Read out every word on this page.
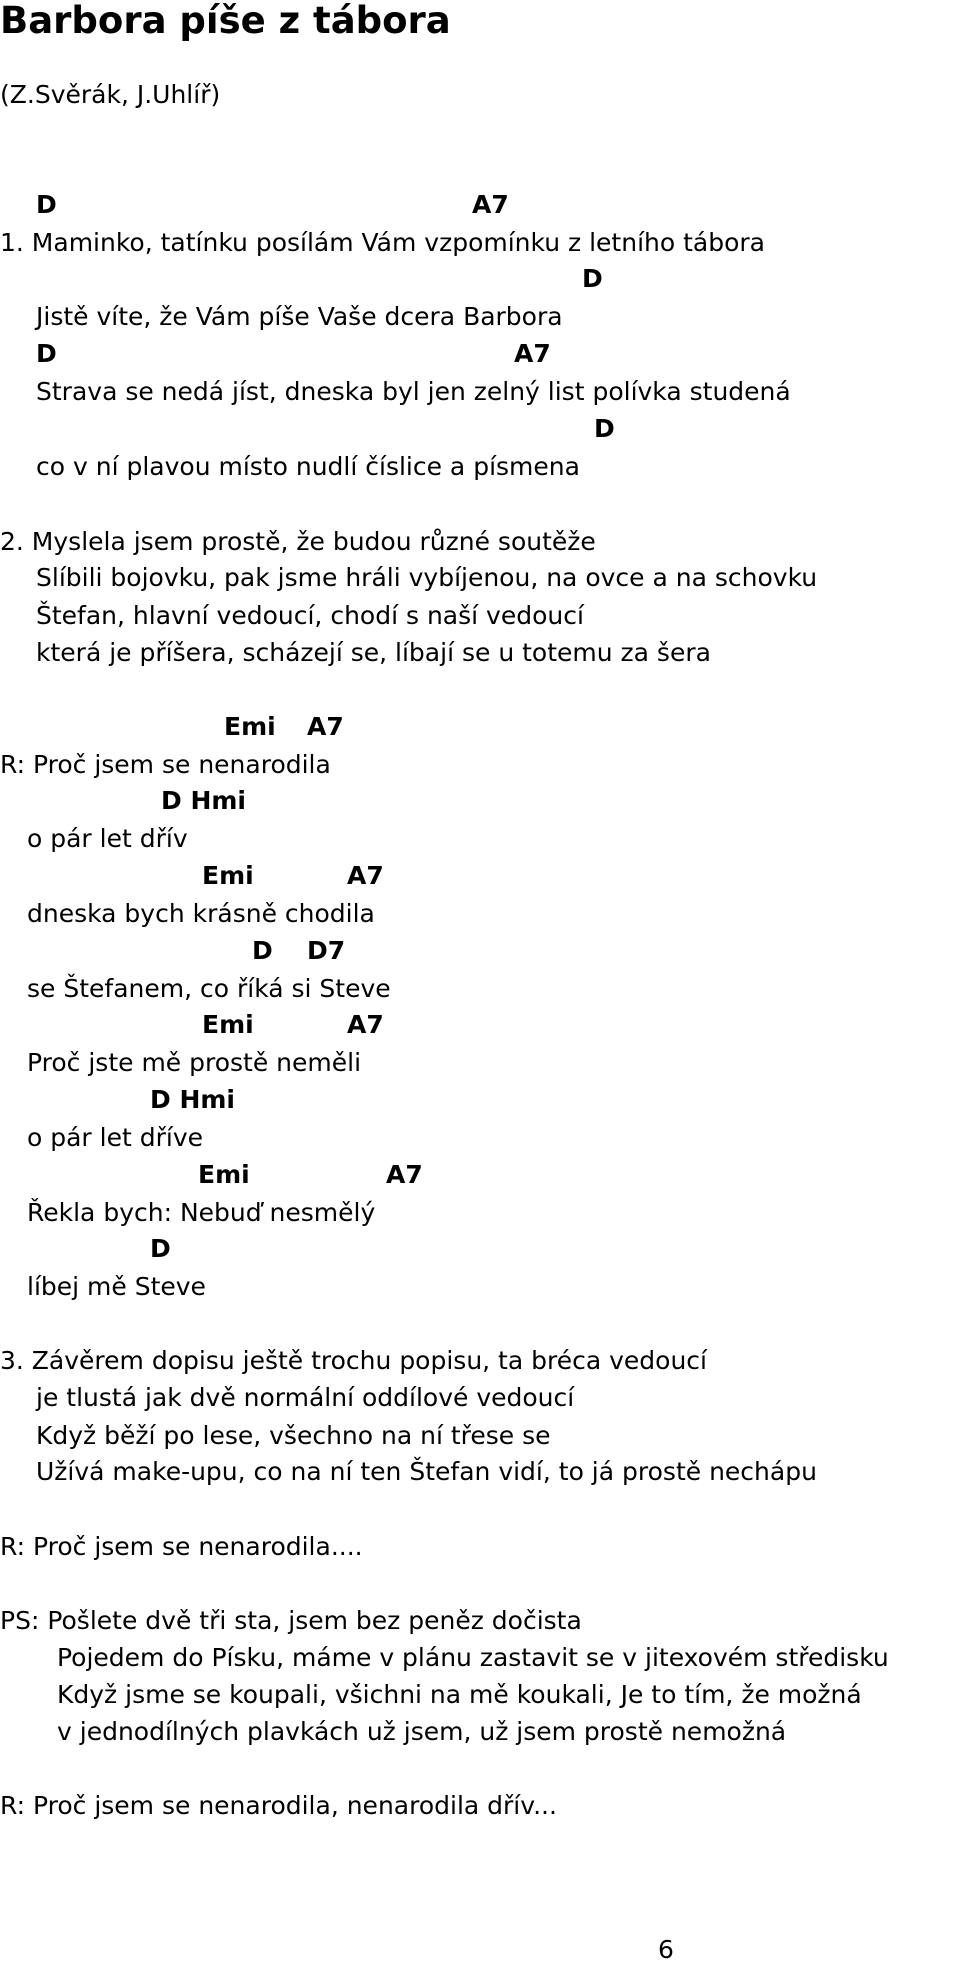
Barbora píše z tábora
(Z.Svěrák, J.Uhlíř)
D	A7
1. Maminko, tatínku posílám Vám vzpomínku z letního tábora
D
Jistě víte, že Vám píše Vaše dcera Barbora
D	A7
Strava se nedá jíst, dneska byl jen zelný list polívka studená
D
co v ní plavou místo nudlí číslice a písmena
2. Myslela jsem prostě, že budou různé soutěže
Slíbili bojovku, pak jsme hráli vybíjenou, na ovce a na schovku
Štefan, hlavní vedoucí, chodí s naší vedoucí
která je příšera, scházejí se, líbají se u totemu za šera
Emi A7
R: Proč jsem se nenarodila
D Hmi
o pár let dřív
Emi	A7
dneska bych krásně chodila
D D7
se Štefanem, co říká si Steve
Emi	A7
Proč jste mě prostě neměli
D Hmi
o pár let dříve
Emi	A7
Řekla bych: Nebuď nesmělý
D
líbej mě Steve
3. Závěrem dopisu ještě trochu popisu, ta bréca vedoucí
je tlustá jak dvě normální oddílové vedoucí
Když běží po lese, všechno na ní třese se
Užívá make-upu, co na ní ten Štefan vidí, to já prostě nechápu
R: Proč jsem se nenarodila....
PS: Pošlete dvě tři sta, jsem bez peněz dočista
Pojedem do Písku, máme v plánu zastavit se v jitexovém středisku
Když jsme se koupali, všichni na mě koukali, Je to tím, že možná
v jednodílných plavkách už jsem, už jsem prostě nemožná
R: Proč jsem se nenarodila, nenarodila dřív...
6
